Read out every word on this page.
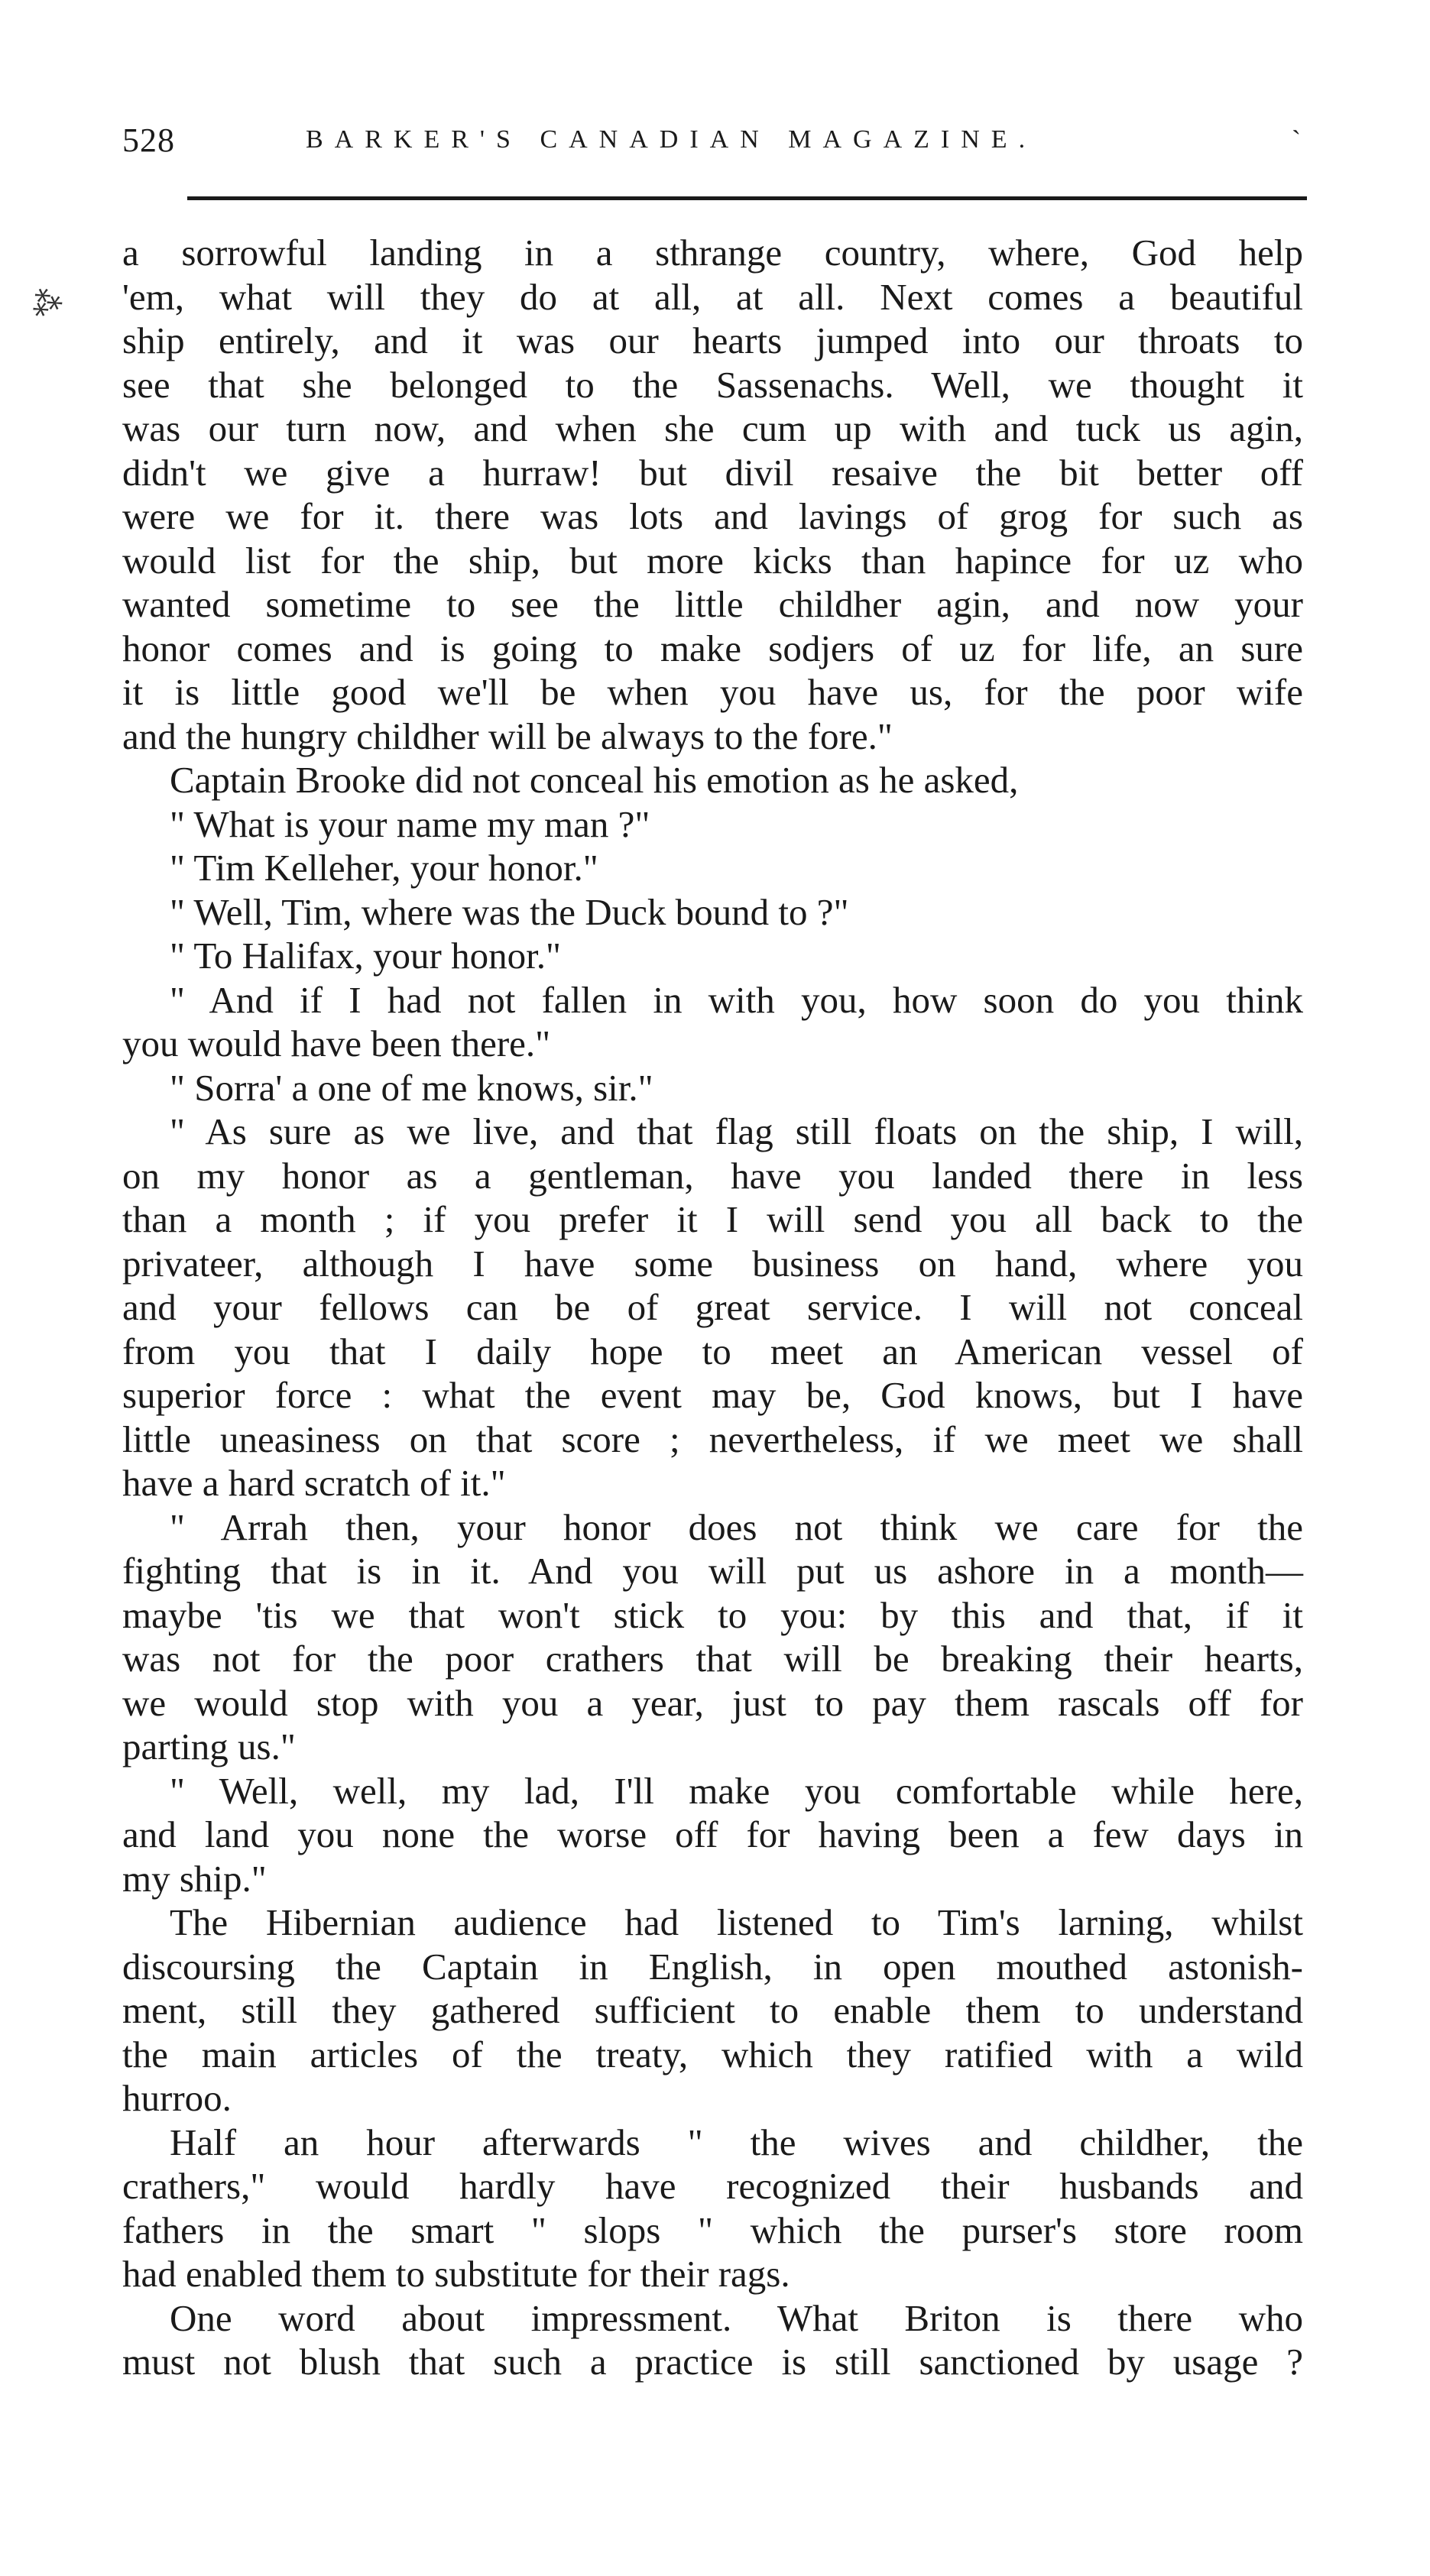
528	BARKER'S CANADIAN MAGAZINE.	`
⁂
a sorrowful landing in a sthrange country, where, God help
'em, what will they do at all, at all. Next comes a beautiful
ship entirely, and it was our hearts jumped into our throats to
see that she belonged to the Sassenachs. Well, we thought it
was our turn now, and when she cum up with and tuck us agin,
didn't we give a hurraw! but divil resaive the bit better off
were we for it. there was lots and lavings of grog for such as
would list for the ship, but more kicks than hapince for uz who
wanted sometime to see the little childher agin, and now your
honor comes and is going to make sodjers of uz for life, an sure
it is little good we'll be when you have us, for the poor wife
and the hungry childher will be always to the fore."
Captain Brooke did not conceal his emotion as he asked,
" What is your name my man ?"
" Tim Kelleher, your honor."
" Well, Tim, where was the Duck bound to ?"
" To Halifax, your honor."
" And if I had not fallen in with you, how soon do you think
you would have been there."
" Sorra' a one of me knows, sir."
" As sure as we live, and that flag still floats on the ship, I will,
on my honor as a gentleman, have you landed there in less
than a month ; if you prefer it I will send you all back to the
privateer, although I have some business on hand, where you
and your fellows can be of great service. I will not conceal
from you that I daily hope to meet an American vessel of
superior force : what the event may be, God knows, but I have
little uneasiness on that score ; nevertheless, if we meet we shall
have a hard scratch of it."
" Arrah then, your honor does not think we care for the
fighting that is in it. And you will put us ashore in a month—
maybe 'tis we that won't stick to you: by this and that, if it
was not for the poor crathers that will be breaking their hearts,
we would stop with you a year, just to pay them rascals off for
parting us."
" Well, well, my lad, I'll make you comfortable while here,
and land you none the worse off for having been a few days in
my ship."
The Hibernian audience had listened to Tim's larning, whilst
discoursing the Captain in English, in open mouthed astonish-
ment, still they gathered sufficient to enable them to understand
the main articles of the treaty, which they ratified with a wild
hurroo.
Half an hour afterwards " the wives and childher, the
crathers," would hardly have recognized their husbands and
fathers in the smart " slops " which the purser's store room
had enabled them to substitute for their rags.
One word about impressment. What Briton is there who
must not blush that such a practice is still sanctioned by usage ?
